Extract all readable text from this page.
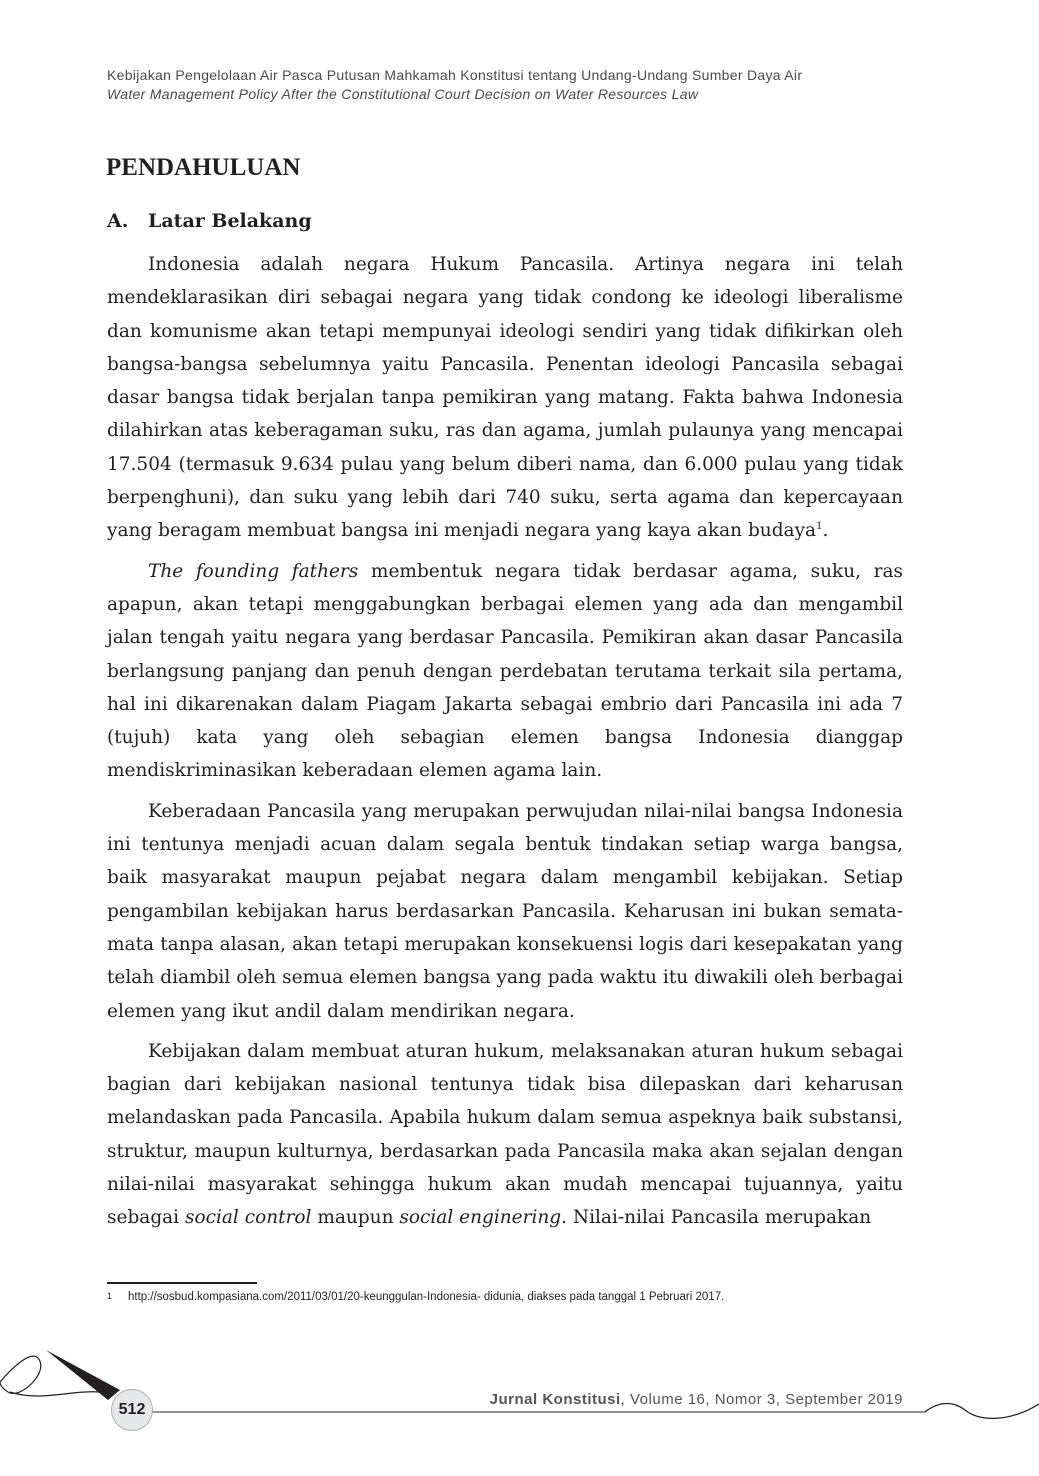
Kebijakan Pengelolaan Air Pasca Putusan Mahkamah Konstitusi tentang Undang-Undang Sumber Daya Air
Water Management Policy After the Constitutional Court Decision on Water Resources Law
PENDAHULUAN
A. Latar Belakang

Indonesia adalah negara Hukum Pancasila. Artinya negara ini telah mendeklarasikan diri sebagai negara yang tidak condong ke ideologi liberalisme dan komunisme akan tetapi mempunyai ideologi sendiri yang tidak difikirkan oleh bangsa-bangsa sebelumnya yaitu Pancasila. Penentan ideologi Pancasila sebagai dasar bangsa tidak berjalan tanpa pemikiran yang matang. Fakta bahwa Indonesia dilahirkan atas keberagaman suku, ras dan agama, jumlah pulaunya yang mencapai 17.504 (termasuk 9.634 pulau yang belum diberi nama, dan 6.000 pulau yang tidak berpenghuni), dan suku yang lebih dari 740 suku, serta agama dan kepercayaan yang beragam membuat bangsa ini menjadi negara yang kaya akan budaya$^1$.

The founding fathers membentuk negara tidak berdasar agama, suku, ras apapun, akan tetapi menggabungkan berbagai elemen yang ada dan mengambil jalan tengah yaitu negara yang berdasar Pancasila. Pemikiran akan dasar Pancasila berlangsung panjang dan penuh dengan perdebatan terutama terkait sila pertama, hal ini dikarenakan dalam Piagam Jakarta sebagai embrio dari Pancasila ini ada 7 (tujuh) kata yang oleh sebagian elemen bangsa Indonesia dianggap mendiskriminasikan keberadaan elemen agama lain.

Keberadaan Pancasila yang merupakan perwujudan nilai-nilai bangsa Indonesia ini tentunya menjadi acuan dalam segala bentuk tindakan setiap warga bangsa, baik masyarakat maupun pejabat negara dalam mengambil kebijakan. Setiap pengambilan kebijakan harus berdasarkan Pancasila. Keharusan ini bukan semata-mata tanpa alasan, akan tetapi merupakan konsekuensi logis dari kesepakatan yang telah diambil oleh semua elemen bangsa yang pada waktu itu diwakili oleh berbagai elemen yang ikut andil dalam mendirikan negara.

Kebijakan dalam membuat aturan hukum, melaksanakan aturan hukum sebagai bagian dari kebijakan nasional tentunya tidak bisa dilepaskan dari keharusan melandaskan pada Pancasila. Apabila hukum dalam semua aspeknya baik substansi, struktur, maupun kulturnya, berdasarkan pada Pancasila maka akan sejalan dengan nilai-nilai masyarakat sehingga hukum akan mudah mencapai tujuannya, yaitu sebagai social control maupun social enginering. Nilai-nilai Pancasila merupakan

1 http://sosbud.kompasiana.com/2011/03/01/20-keunggulan-Indonesia- didunia, diakses pada tanggal 1 Pebruari 2017.
512
Jurnal Konstitusi, Volume 16, Nomor 3, September 2019
